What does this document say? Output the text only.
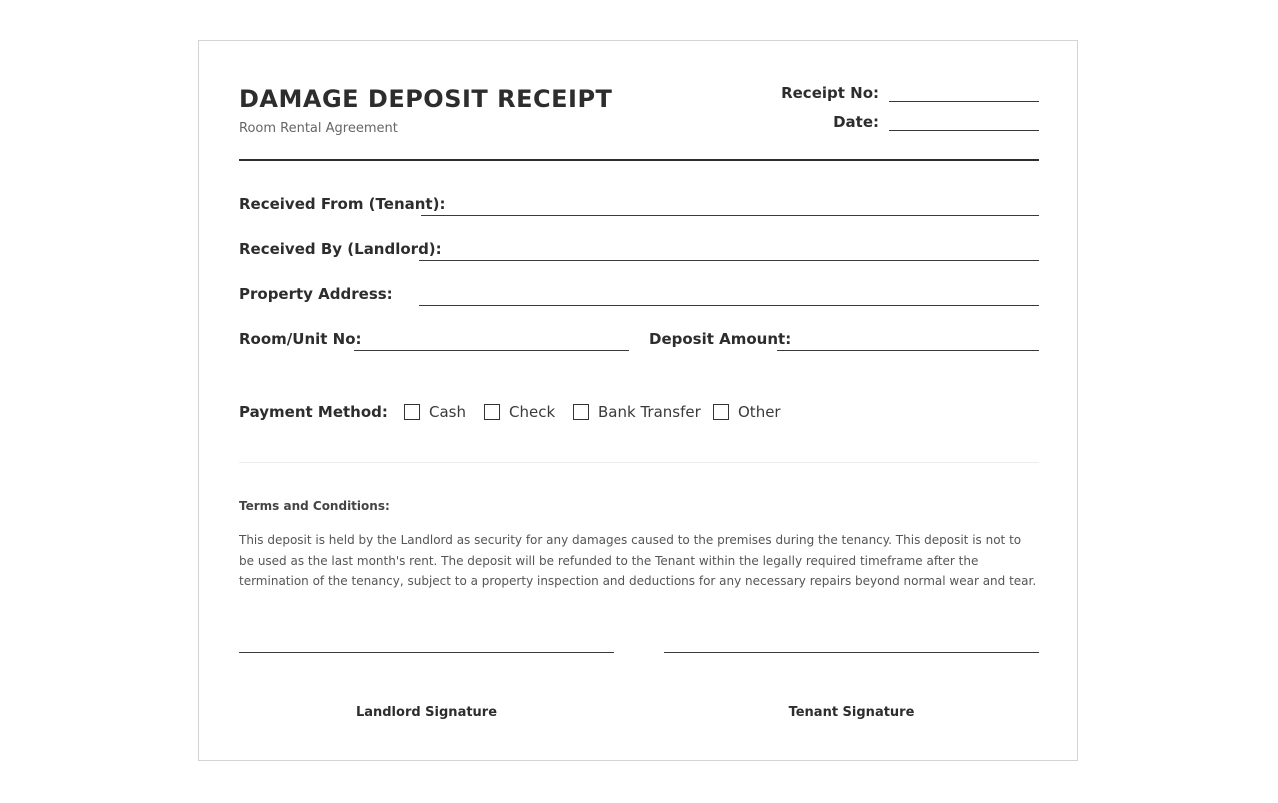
DAMAGE DEPOSIT RECEIPT
Room Rental Agreement
Receipt No:
Date:
Received From (Tenant):
Received By (Landlord):
Property Address:
Room/Unit No:	Deposit Amount:
Payment Method:	Cash	Check	Bank Transfer Other
Terms and Conditions:
This deposit is held by the Landlord as security for any damages caused to the premises during the tenancy. This deposit is not to be used as the last month's rent. The deposit will be refunded to the Tenant within the legally required timeframe after the termination of the tenancy, subject to a property inspection and deductions for any necessary repairs beyond normal wear and tear.
Landlord Signature	Tenant Signature
